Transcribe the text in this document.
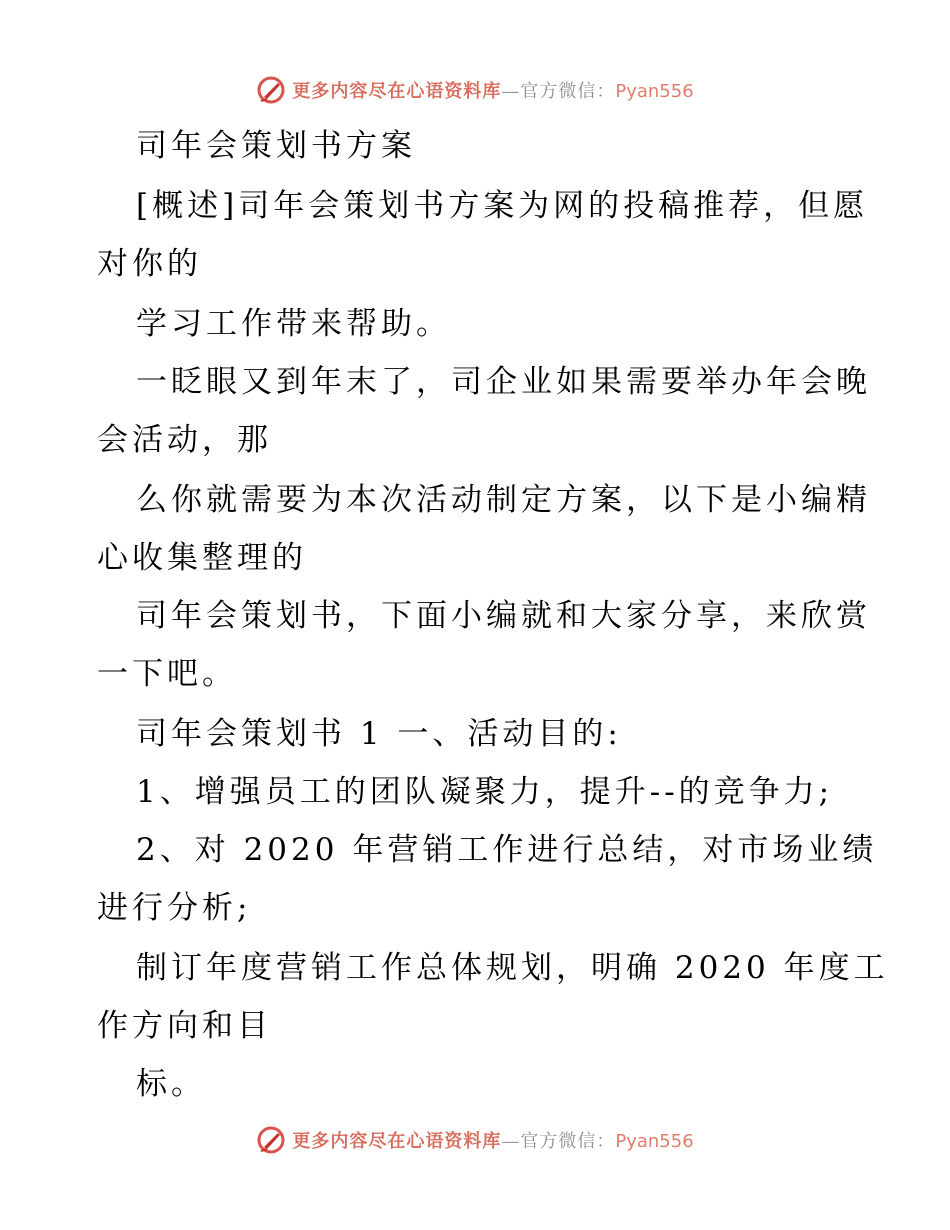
更多内容尽在心语资料库—官方微信：Pyan556
司年会策划书方案
[概述]司年会策划书方案为网的投稿推荐，但愿
对你的
学习工作带来帮助。
一眨眼又到年末了，司企业如果需要举办年会晚
会活动，那
么你就需要为本次活动制定方案，以下是小编精
心收集整理的
司年会策划书，下面小编就和大家分享，来欣赏
一下吧。
司年会策划书 1 一、活动目的:
1、增强员工的团队凝聚力，提升--的竞争力;
2、对 2020 年营销工作进行总结，对市场业绩
进行分析;
制订年度营销工作总体规划，明确 2020 年度工
作方向和目
标。
更多内容尽在心语资料库—官方微信：Pyan556
